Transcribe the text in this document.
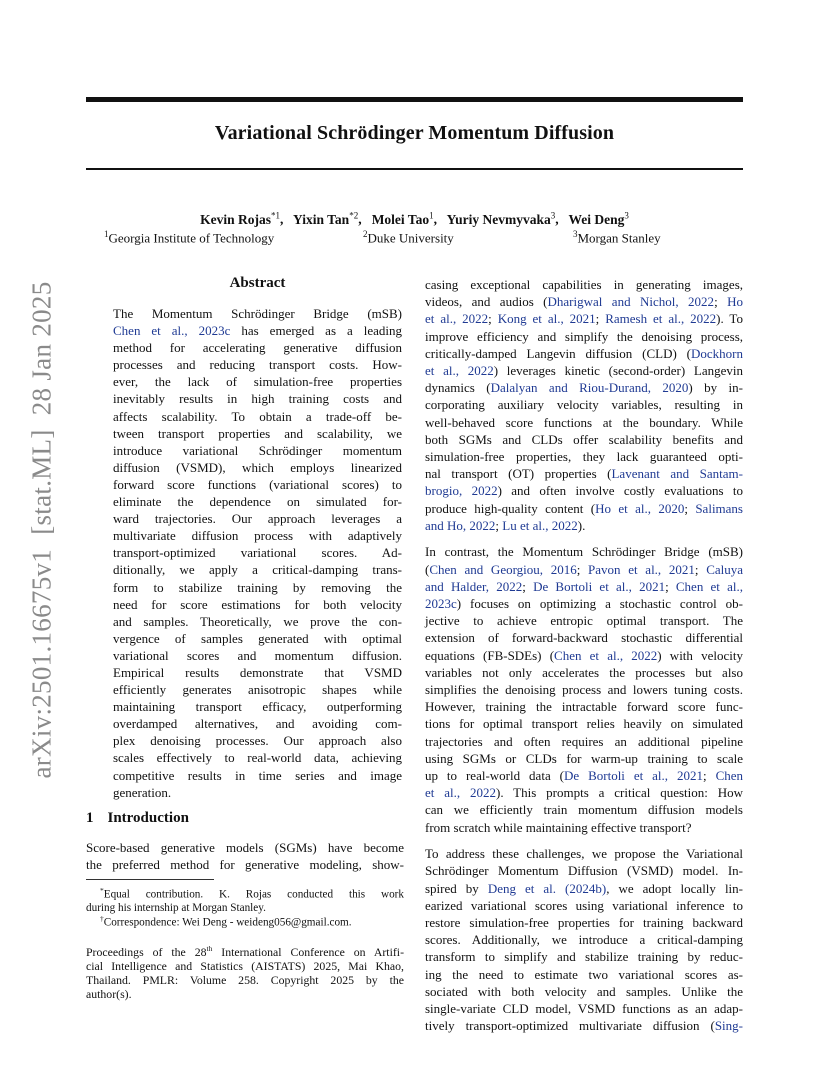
Variational Schrödinger Momentum Diffusion
Kevin Rojas$^{*1}$,  Yixin Tan$^{*2}$,  Molei Tao$^1$,  Yuriy Nevmyvaka$^3$,  Wei Deng$^3$
$^1$Georgia Institute of Technology	$^2$Duke University	$^3$Morgan Stanley
arXiv:2501.16675v1  [stat.ML]  28 Jan 2025	Abstract
The Momentum Schrödinger Bridge (mSB)
Chen et al., 2023c has emerged as a leading
method for accelerating generative diffusion
processes and reducing transport costs. How-
ever, the lack of simulation-free properties
inevitably results in high training costs and
affects scalability. To obtain a trade-off be-
tween transport properties and scalability, we
introduce variational Schrödinger momentum
diffusion (VSMD), which employs linearized
forward score functions (variational scores) to
eliminate the dependence on simulated for-
ward trajectories. Our approach leverages a
multivariate diffusion process with adaptively
transport-optimized variational scores. Ad-
ditionally, we apply a critical-damping trans-
form to stabilize training by removing the
need for score estimations for both velocity
and samples. Theoretically, we prove the con-
vergence of samples generated with optimal
variational scores and momentum diffusion.
Empirical results demonstrate that VSMD
efficiently generates anisotropic shapes while
maintaining transport efficacy, outperforming
overdamped alternatives, and avoiding com-
plex denoising processes. Our approach also
scales effectively to real-world data, achieving
competitive results in time series and image
generation.
1 Introduction
Score-based generative models (SGMs) have become
the preferred method for generative modeling, show-
*Equal contribution. K. Rojas conducted this work
during his internship at Morgan Stanley.
†Correspondence: Wei Deng - weideng056@gmail.com.
Proceedings of the 28th International Conference on Artifi-
cial Intelligence and Statistics (AISTATS) 2025, Mai Khao,
Thailand. PMLR: Volume 258. Copyright 2025 by the
author(s).
casing exceptional capabilities in generating images,
videos, and audios (Dharigwal and Nichol, 2022; Ho
et al., 2022; Kong et al., 2021; Ramesh et al., 2022). To
improve efficiency and simplify the denoising process,
critically-damped Langevin diffusion (CLD) (Dockhorn
et al., 2022) leverages kinetic (second-order) Langevin
dynamics (Dalalyan and Riou-Durand, 2020) by in-
corporating auxiliary velocity variables, resulting in
well-behaved score functions at the boundary. While
both SGMs and CLDs offer scalability benefits and
simulation-free properties, they lack guaranteed opti-
nal transport (OT) properties (Lavenant and Santam-
brogio, 2022) and often involve costly evaluations to
produce high-quality content (Ho et al., 2020; Salimans
and Ho, 2022; Lu et al., 2022).
In contrast, the Momentum Schrödinger Bridge (mSB)
(Chen and Georgiou, 2016; Pavon et al., 2021; Caluya
and Halder, 2022; De Bortoli et al., 2021; Chen et al.,
2023c) focuses on optimizing a stochastic control ob-
jective to achieve entropic optimal transport. The
extension of forward-backward stochastic differential
equations (FB-SDEs) (Chen et al., 2022) with velocity
variables not only accelerates the processes but also
simplifies the denoising process and lowers tuning costs.
However, training the intractable forward score func-
tions for optimal transport relies heavily on simulated
trajectories and often requires an additional pipeline
using SGMs or CLDs for warm-up training to scale
up to real-world data (De Bortoli et al., 2021; Chen
et al., 2022). This prompts a critical question: How
can we efficiently train momentum diffusion models
from scratch while maintaining effective transport?
To address these challenges, we propose the Variational
Schrödinger Momentum Diffusion (VSMD) model. In-
spired by Deng et al. (2024b), we adopt locally lin-
earized variational scores using variational inference to
restore simulation-free properties for training backward
scores. Additionally, we introduce a critical-damping
transform to simplify and stabilize training by reduc-
ing the need to estimate two variational scores as-
sociated with both velocity and samples. Unlike the
single-variate CLD model, VSMD functions as an adap-
tively transport-optimized multivariate diffusion (Sing-
